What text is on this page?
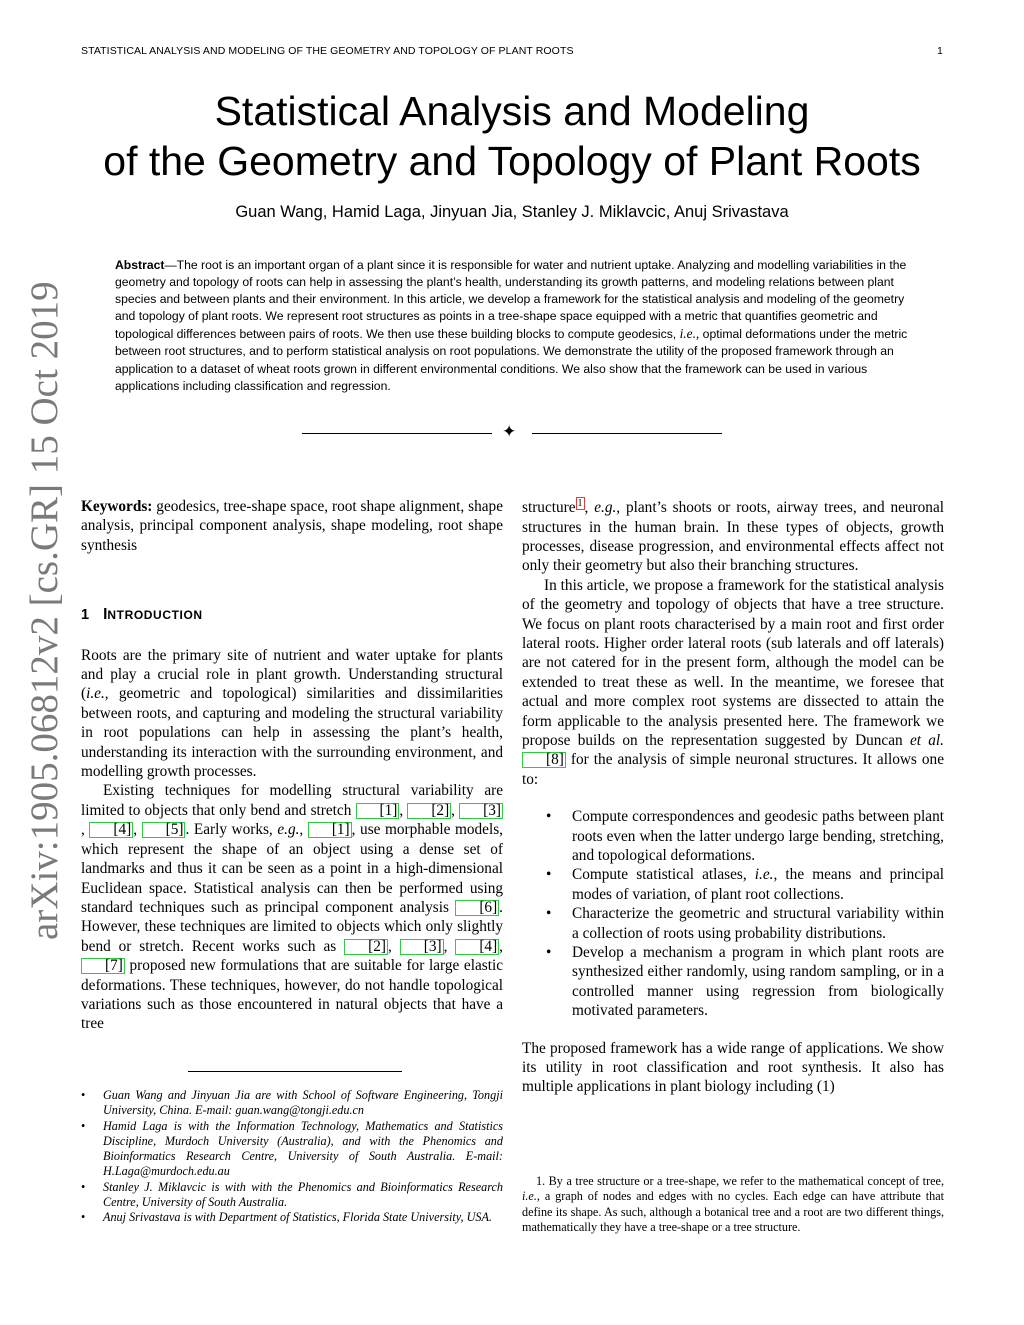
STATISTICAL ANALYSIS AND MODELING OF THE GEOMETRY AND TOPOLOGY OF PLANT ROOTS	1
arXiv:1905.06812v2 [cs.GR] 15 Oct 2019
Statistical Analysis and Modeling
of the Geometry and Topology of Plant Roots
Guan Wang, Hamid Laga, Jinyuan Jia, Stanley J. Miklavcic, Anuj Srivastava
Abstract—The root is an important organ of a plant since it is responsible for water and nutrient uptake. Analyzing and modelling variabilities in the geometry and topology of roots can help in assessing the plant’s health, understanding its growth patterns, and modeling relations between plant species and between plants and their environment. In this article, we develop a framework for the statistical analysis and modeling of the geometry and topology of plant roots. We represent root structures as points in a tree-shape space equipped with a metric that quantifies geometric and topological differences between pairs of roots. We then use these building blocks to compute geodesics, i.e., optimal deformations under the metric between root structures, and to perform statistical analysis on root populations. We demonstrate the utility of the proposed framework through an application to a dataset of wheat roots grown in different environmental conditions. We also show that the framework can be used in various applications including classification and regression.
✦

Keywords: geodesics, tree-shape space, root shape alignment, shape analysis, principal component analysis, shape modeling, root shape synthesis

1 INTRODUCTION

Roots are the primary site of nutrient and water uptake for plants and play a crucial role in plant growth. Understanding structural (i.e., geometric and topological) similarities and dissimilarities between roots, and capturing and modeling the structural variability in root populations can help in assessing the plant’s health, understanding its interaction with the surrounding environment, and modelling growth processes.

Existing techniques for modelling structural variability are limited to objects that only bend and stretch [1] , [2] , [3], [4] , [5] . Early works, e.g., [1] , use morphable models, which represent the shape of an object using a dense set of landmarks and thus it can be seen as a point in a high-dimensional Euclidean space. Statistical analysis can then be performed using standard techniques such as principal component analysis [6] . However, these techniques are limited to objects which only slightly bend or stretch. Recent works such as [2] , [3] , [4] , [7] proposed new formulations that are suitable for large elastic deformations. These techniques, however, do not handle topological variations such as those encountered in natural objects that have a tree

• Guan Wang and Jinyuan Jia are with School of Software Engineering, Tongji University, China. E-mail: guan.wang@tongji.edu.cn
• Hamid Laga is with the Information Technology, Mathematics and Statistics Discipline, Murdoch University (Australia), and with the Phenomics and Bioinformatics Research Centre, University of South Australia. E-mail: H.Laga@murdoch.edu.au
• Stanley J. Miklavcic is with with the Phenomics and Bioinformatics Research Centre, University of South Australia.
• Anuj Srivastava is with Department of Statistics, Florida State University, USA.

structure 1 , e.g., plant’s shoots or roots, airway trees, and neuronal structures in the human brain. In these types of objects, growth processes, disease progression, and environmental effects affect not only their geometry but also their branching structures.

In this article, we propose a framework for the statistical analysis of the geometry and topology of objects that have a tree structure. We focus on plant roots characterised by a main root and first order lateral roots. Higher order lateral roots (sub laterals and off laterals) are not catered for in the present form, although the model can be extended to treat these as well. In the meantime, we foresee that actual and more complex root systems are dissected to attain the form applicable to the analysis presented here. The framework we propose builds on the representation suggested by Duncan et al. [8] for the analysis of simple neuronal structures. It allows one to:

• Compute correspondences and geodesic paths between plant roots even when the latter undergo large bending, stretching, and topological deformations.
• Compute statistical atlases, i.e., the means and principal modes of variation, of plant root collections.
• Characterize the geometric and structural variability within a collection of roots using probability distributions.
• Develop a mechanism a program in which plant roots are synthesized either randomly, using random sampling, or in a controlled manner using regression from biologically motivated parameters.

The proposed framework has a wide range of applications. We show its utility in root classification and root synthesis. It also has multiple applications in plant biology including (1)

1. By a tree structure or a tree-shape, we refer to the mathematical concept of tree, i.e., a graph of nodes and edges with no cycles. Each edge can have attribute that define its shape. As such, although a botanical tree and a root are two different things, mathematically they have a tree-shape or a tree structure.
